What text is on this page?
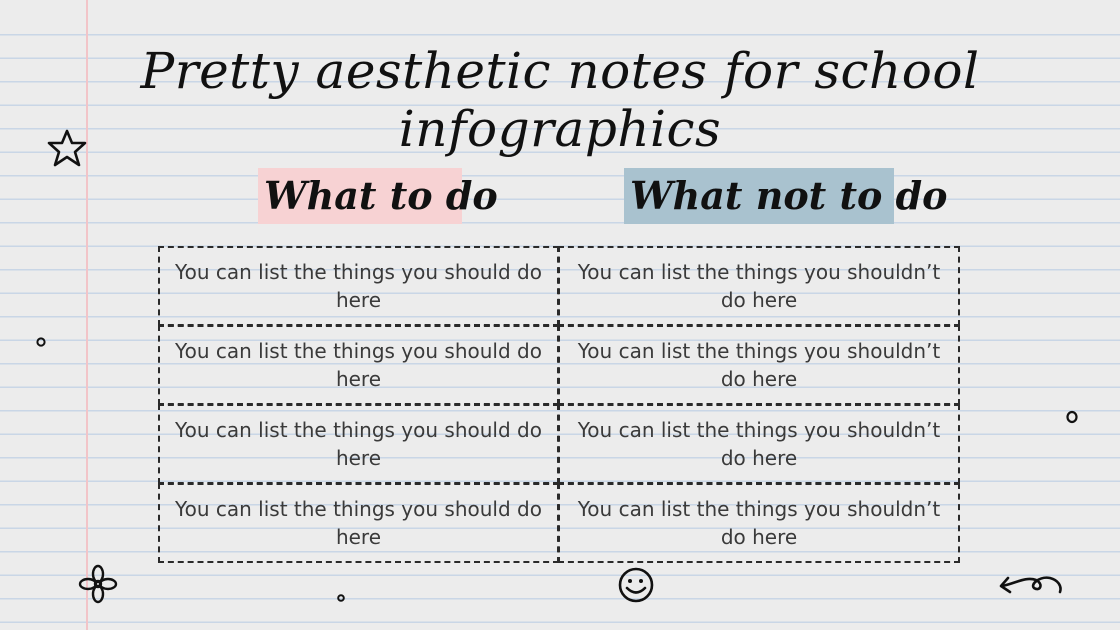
Pretty aesthetic notes for school infographics
What to do	What not to do
You can list the things you should do here
You can list the things you shouldn’t do here
You can list the things you should do here
You can list the things you shouldn’t do here
You can list the things you should do here
You can list the things you shouldn’t do here
You can list the things you should do here
You can list the things you shouldn’t do here
